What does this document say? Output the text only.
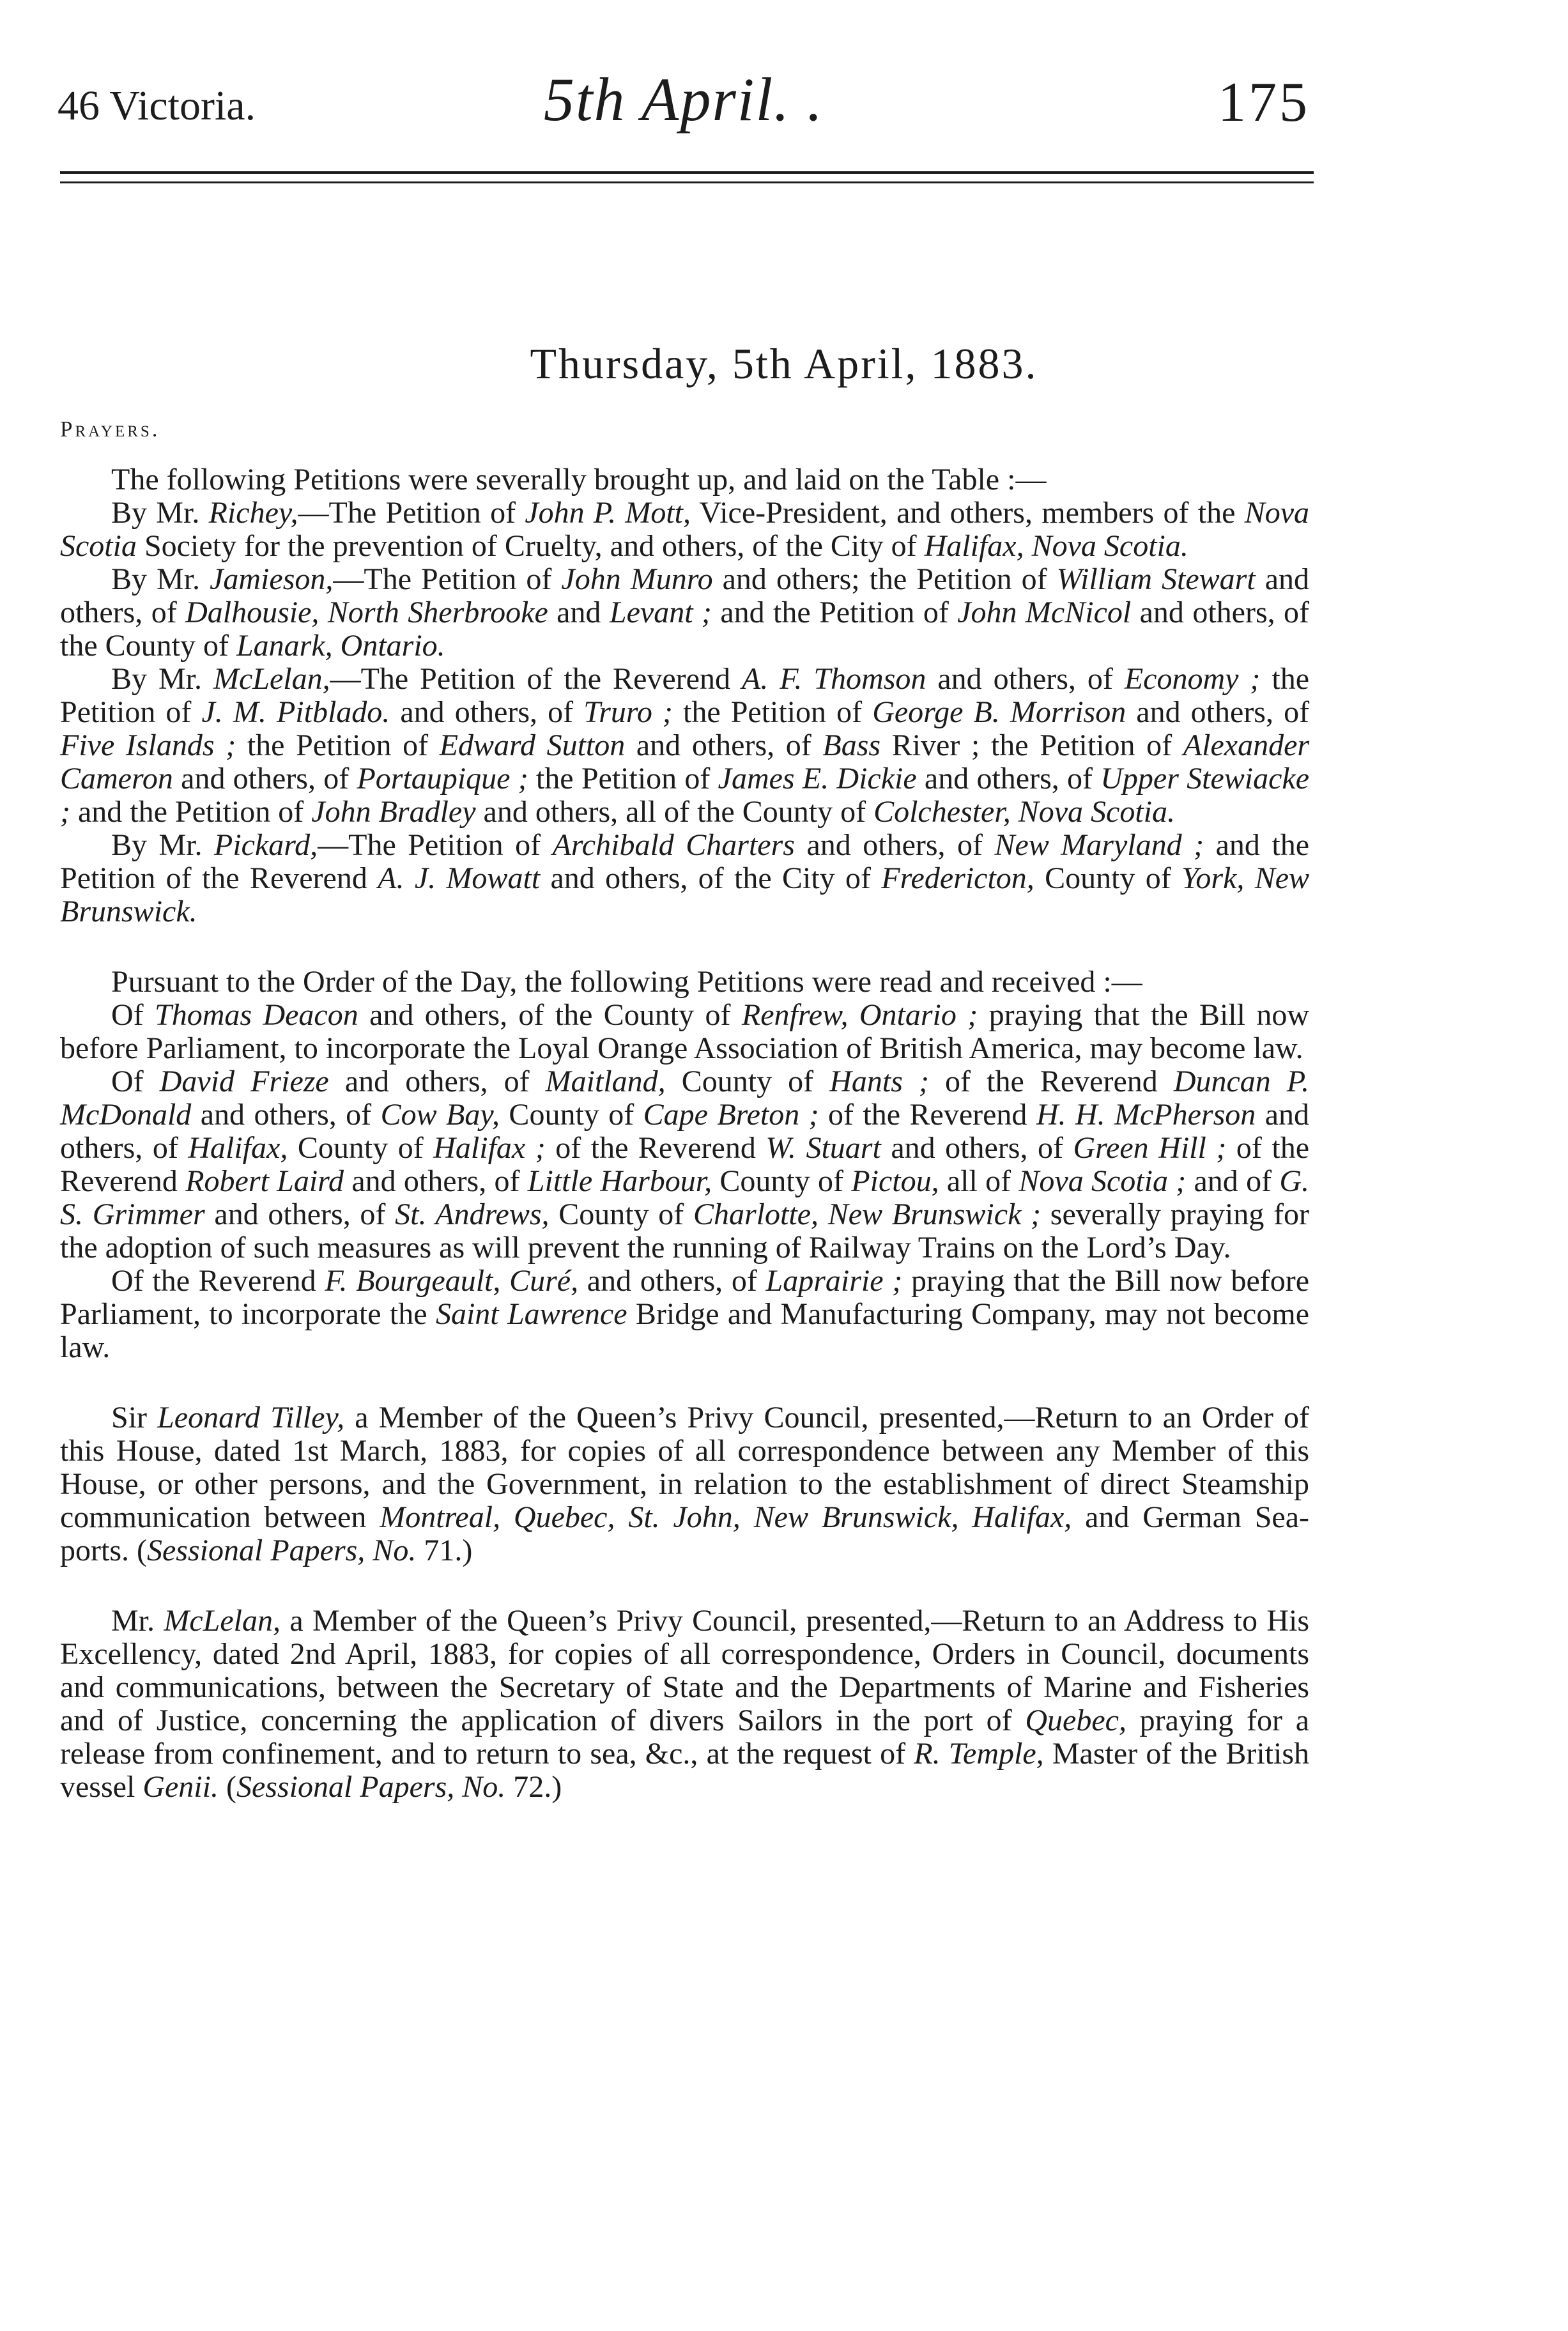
46 Victoria.	5th April. .	175
Thursday, 5th April, 1883.
Prayers.

The following Petitions were severally brought up, and laid on the Table :—

By Mr. Richey,—The Petition of John P. Mott, Vice-President, and others, members of the Nova Scotia Society for the prevention of Cruelty, and others, of the City of Halifax, Nova Scotia.

By Mr. Jamieson,—The Petition of John Munro and others; the Petition of William Stewart and others, of Dalhousie, North Sherbrooke and Levant ; and the Petition of John McNicol and others, of the County of Lanark, Ontario.

By Mr. McLelan,—The Petition of the Reverend A. F. Thomson and others, of Economy ; the Petition of J. M. Pitblado. and others, of Truro ; the Petition of George B. Morrison and others, of Five Islands ; the Petition of Edward Sutton and others, of Bass River ; the Petition of Alexander Cameron and others, of Portaupique ; the Petition of James E. Dickie and others, of Upper Stewiacke ; and the Petition of John Bradley and others, all of the County of Colchester, Nova Scotia.

By Mr. Pickard,—The Petition of Archibald Charters and others, of New Maryland ; and the Petition of the Reverend A. J. Mowatt and others, of the City of Fredericton, County of York, New Brunswick.

Pursuant to the Order of the Day, the following Petitions were read and received :—

Of Thomas Deacon and others, of the County of Renfrew, Ontario ; praying that the Bill now before Parliament, to incorporate the Loyal Orange Association of British America, may become law.

Of David Frieze and others, of Maitland, County of Hants ; of the Reverend Duncan P. McDonald and others, of Cow Bay, County of Cape Breton ; of the Reverend H. H. McPherson and others, of Halifax, County of Halifax ; of the Reverend W. Stuart and others, of Green Hill ; of the Reverend Robert Laird and others, of Little Harbour, County of Pictou, all of Nova Scotia ; and of G. S. Grimmer and others, of St. Andrews, County of Charlotte, New Brunswick ; severally praying for the adoption of such measures as will prevent the running of Railway Trains on the Lord’s Day.

Of the Reverend F. Bourgeault, Curé, and others, of Laprairie ; praying that the Bill now before Parliament, to incorporate the Saint Lawrence Bridge and Manufacturing Company, may not become law.

Sir Leonard Tilley, a Member of the Queen’s Privy Council, presented,—Return to an Order of this House, dated 1st March, 1883, for copies of all correspondence between any Member of this House, or other persons, and the Government, in relation to the establishment of direct Steamship communication between Montreal, Quebec, St. John, New Brunswick, Halifax, and German Sea-ports. (Sessional Papers, No. 71.)

Mr. McLelan, a Member of the Queen’s Privy Council, presented,—Return to an Address to His Excellency, dated 2nd April, 1883, for copies of all correspondence, Orders in Council, documents and communications, between the Secretary of State and the Departments of Marine and Fisheries and of Justice, concerning the application of divers Sailors in the port of Quebec, praying for a release from confinement, and to return to sea, &c., at the request of R. Temple, Master of the British vessel Genii. (Sessional Papers, No. 72.)
